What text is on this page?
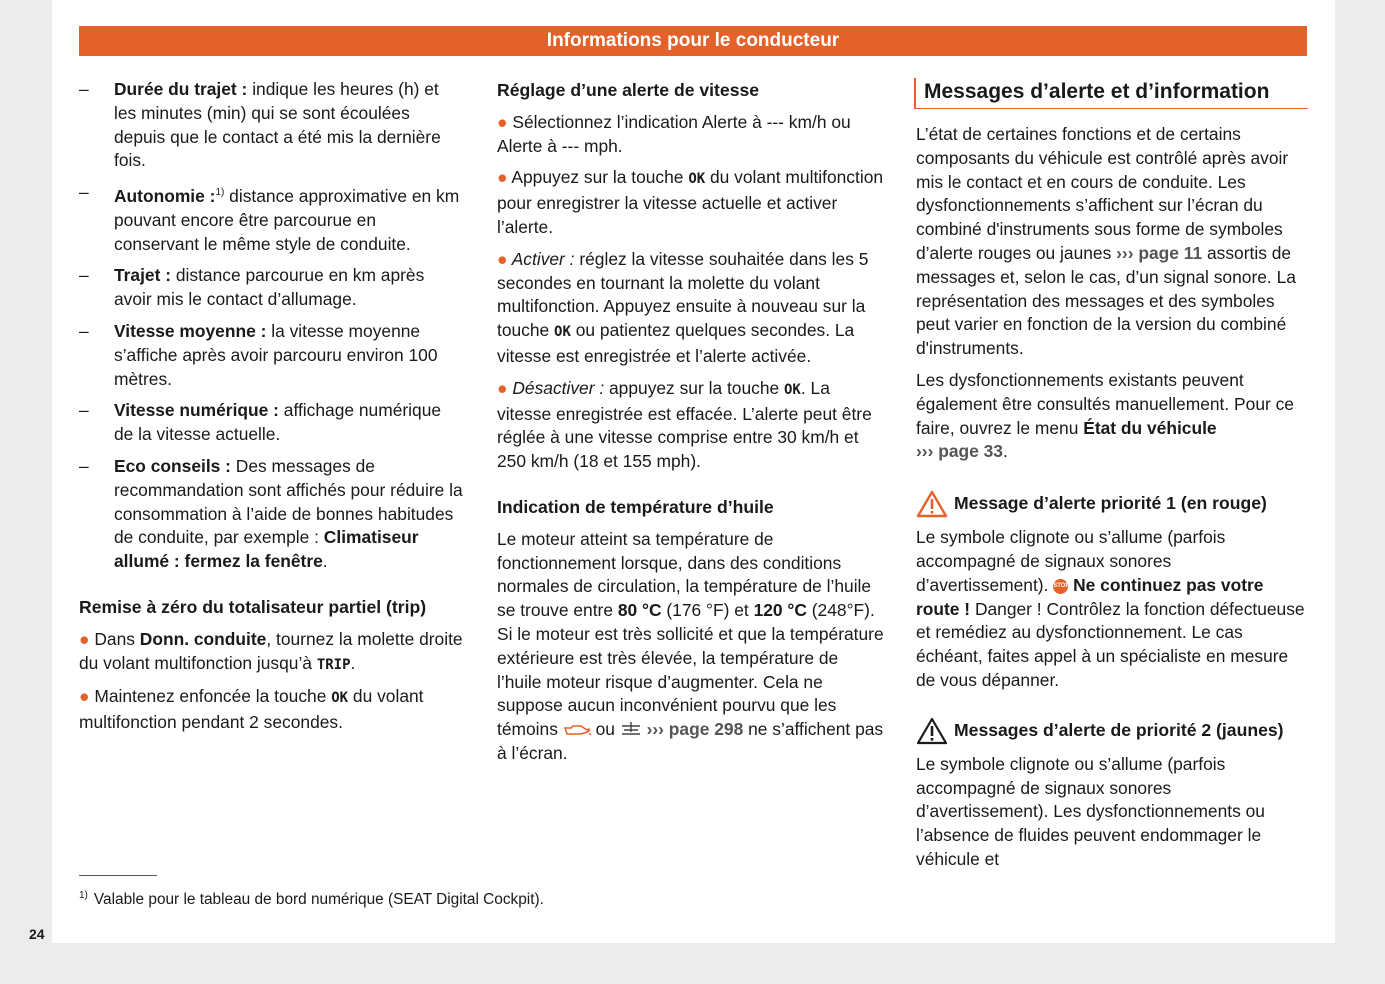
Informations pour le conducteur
– Durée du trajet : indique les heures (h) et les minutes (min) qui se sont écoulées depuis que le contact a été mis la dernière fois.
– Autonomie :$^{1)}$ distance approximative en km pouvant encore être parcourue en conservant le même style de conduite.
– Trajet : distance parcourue en km après avoir mis le contact d’allumage.
– Vitesse moyenne : la vitesse moyenne s’affiche après avoir parcouru environ 100 mètres.
– Vitesse numérique : affichage numérique de la vitesse actuelle.
– Eco conseils : Des messages de recommandation sont affichés pour réduire la consommation à l’aide de bonnes habitudes de conduite, par exemple : Climatiseur allumé : fermez la fenêtre.
Remise à zéro du totalisateur partiel (trip)

● Dans Donn. conduite, tournez la molette droite du volant multifonction jusqu’à TRIP.

● Maintenez enfoncée la touche OK du volant multifonction pendant 2 secondes.

Réglage d’une alerte de vitesse

● Sélectionnez l’indication Alerte à --- km/h ou Alerte à --- mph.

● Appuyez sur la touche OK du volant multifonction pour enregistrer la vitesse actuelle et activer l’alerte.

● Activer : réglez la vitesse souhaitée dans les 5 secondes en tournant la molette du volant multifonction. Appuyez ensuite à nouveau sur la touche OK ou patientez quelques secondes. La vitesse est enregistrée et l’alerte activée.

● Désactiver : appuyez sur la touche OK. La vitesse enregistrée est effacée. L’alerte peut être réglée à une vitesse comprise entre 30 km/h et 250 km/h (18 et 155 mph).

Indication de température d’huile

Le moteur atteint sa température de fonctionnement lorsque, dans des conditions normales de circulation, la température de l’huile se trouve entre 80 °C (176 °F) et 120 °C (248°F). Si le moteur est très sollicité et que la température extérieure est très élevée, la température de l’huile moteur risque d’augmenter. Cela ne suppose aucun inconvénient pourvu que les témoins  ou  ››› page 298 ne s’affichent pas à l’écran.

Messages d’alerte et d’information

L’état de certaines fonctions et de certains composants du véhicule est contrôlé après avoir mis le contact et en cours de conduite. Les dysfonctionnements s’affichent sur l’écran du combiné d'instruments sous forme de symboles d’alerte rouges ou jaunes ››› page 11 assortis de messages et, selon le cas, d’un signal sonore. La représentation des messages et des symboles peut varier en fonction de la version du combiné d'instruments.

Les dysfonctionnements existants peuvent également être consultés manuellement. Pour ce faire, ouvrez le menu État du véhicule
››› page 33.

Message d’alerte priorité 1 (en rouge)

Le symbole clignote ou s’allume (parfois accompagné de signaux sonores d’avertissement). STOP Ne continuez pas votre route ! Danger ! Contrôlez la fonction défectueuse et remédiez au dysfonctionnement. Le cas échéant, faites appel à un spécialiste en mesure de vous dépanner.

Messages d’alerte de priorité 2 (jaunes)

Le symbole clignote ou s’allume (parfois accompagné de signaux sonores d’avertissement). Les dysfonctionnements ou l’absence de fluides peuvent endommager le véhicule et

$^{1)}$ Valable pour le tableau de bord numérique (SEAT Digital Cockpit).
24
